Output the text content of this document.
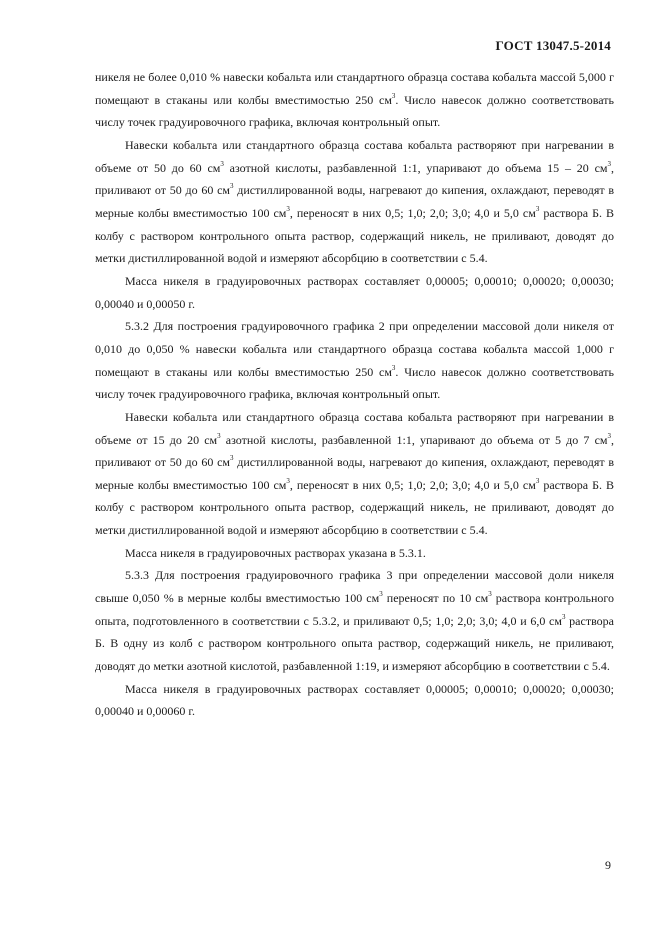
ГОСТ 13047.5-2014

никеля не более 0,010 % навески кобальта или стандартного образца состава кобальта массой 5,000 г помещают в стаканы или колбы вместимостью 250 $см^3$. Число навесок должно соответствовать числу точек градуировочного графика, включая контрольный опыт.

Навески кобальта или стандартного образца состава кобальта растворяют при нагревании в объеме от 50 до 60 $см^3$ азотной кислоты, разбавленной 1:1, упаривают до объема 15 – 20 $см^3$, приливают от 50 до 60 $см^3$ дистиллированной воды, нагревают до кипения, охлаждают, переводят в мерные колбы вместимостью 100 $см^3$, переносят в них 0,5; 1,0; 2,0; 3,0; 4,0 и 5,0 $см^3$ раствора Б. В колбу с раствором контрольного опыта раствор, содержащий никель, не приливают, доводят до метки дистиллированной водой и измеряют абсорбцию в соответствии с 5.4.

Масса никеля в градуировочных растворах составляет 0,00005; 0,00010; 0,00020; 0,00030; 0,00040 и 0,00050 г.

5.3.2 Для построения градуировочного графика 2 при определении массовой доли никеля от 0,010 до 0,050 % навески кобальта или стандартного образца состава кобальта массой 1,000 г помещают в стаканы или колбы вместимостью 250 $см^3$. Число навесок должно соответствовать числу точек градуировочного графика, включая контрольный опыт.

Навески кобальта или стандартного образца состава кобальта растворяют при нагревании в объеме от 15 до 20 $см^3$ азотной кислоты, разбавленной 1:1, упаривают до объема от 5 до 7 $см^3$, приливают от 50 до 60 $см^3$ дистиллированной воды, нагревают до кипения, охлаждают, переводят в мерные колбы вместимостью 100 $см^3$, переносят в них 0,5; 1,0; 2,0; 3,0; 4,0 и 5,0 $см^3$ раствора Б. В колбу с раствором контрольного опыта раствор, содержащий никель, не приливают, доводят до метки дистиллированной водой и измеряют абсорбцию в соответствии с 5.4.

Масса никеля в градуировочных растворах указана в 5.3.1.

5.3.3 Для построения градуировочного графика 3 при определении массовой доли никеля свыше 0,050 % в мерные колбы вместимостью 100 $см^3$ переносят по 10 $см^3$ раствора контрольного опыта, подготовленного в соответствии с 5.3.2, и приливают 0,5; 1,0; 2,0; 3,0; 4,0 и 6,0 $см^3$ раствора Б. В одну из колб с раствором контрольного опыта раствор, содержащий никель, не приливают, доводят до метки азотной кислотой, разбавленной 1:19, и измеряют абсорбцию в соответствии с 5.4.

Масса никеля в градуировочных растворах составляет 0,00005; 0,00010; 0,00020; 0,00030; 0,00040 и 0,00060 г.

9
